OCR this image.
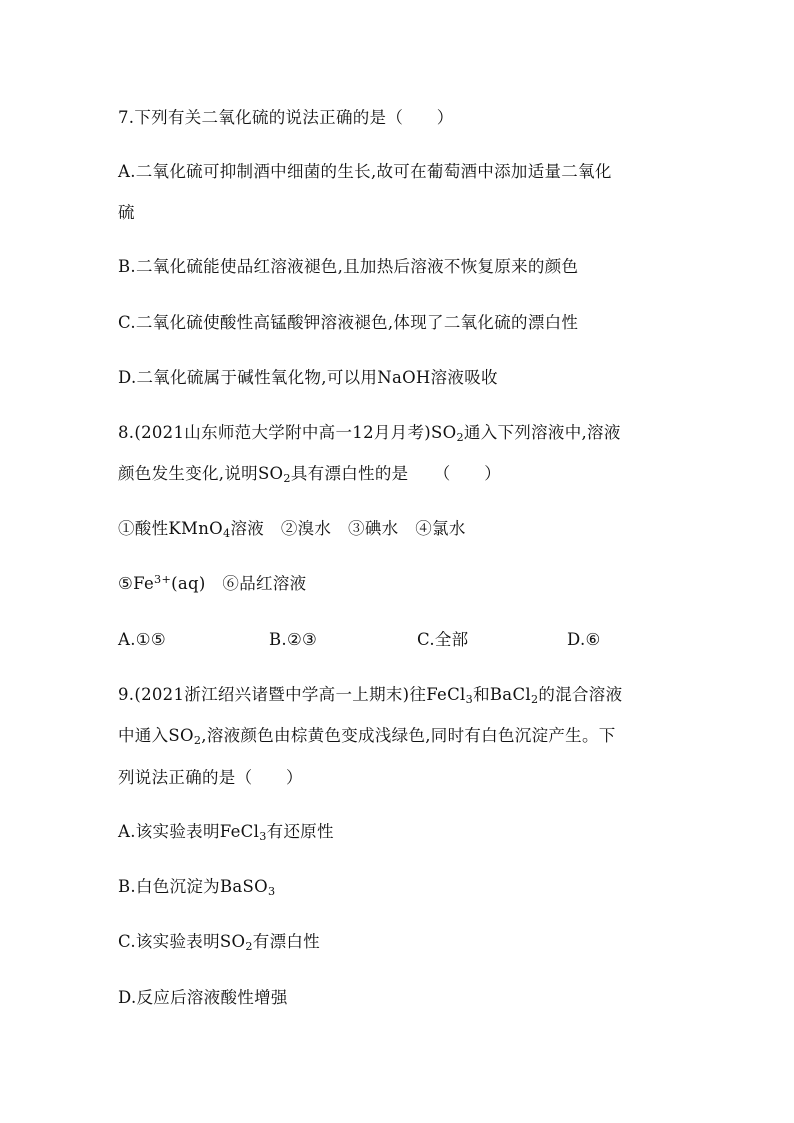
7.下列有关二氧化硫的说法正确的是（　　）
A.二氧化硫可抑制酒中细菌的生长,故可在葡萄酒中添加适量二氧化
硫
B.二氧化硫能使品红溶液褪色,且加热后溶液不恢复原来的颜色
C.二氧化硫使酸性高锰酸钾溶液褪色,体现了二氧化硫的漂白性
D.二氧化硫属于碱性氧化物,可以用NaOH溶液吸收
8.(2021山东师范大学附中高一12月月考)$SO_2$通入下列溶液中,溶液
颜色发生变化,说明$SO_2$具有漂白性的是　　（　　）
①酸性KMnO$_4$溶液　②溴水　③碘水　④氯水
$⑤Fe^{3+}(aq)$　⑥品红溶液
A.①⑤	B.②③	C.全部	D.⑥
9.(2021浙江绍兴诸暨中学高一上期末)往FeCl$_3$和BaCl$_2$的混合溶液
中通入$SO_2$,溶液颜色由棕黄色变成浅绿色,同时有白色沉淀产生。下
列说法正确的是（　　）
A.该实验表明FeCl$_3$有还原性
B.白色沉淀为BaSO$_3$
C.该实验表明$SO_2$有漂白性
D.反应后溶液酸性增强
